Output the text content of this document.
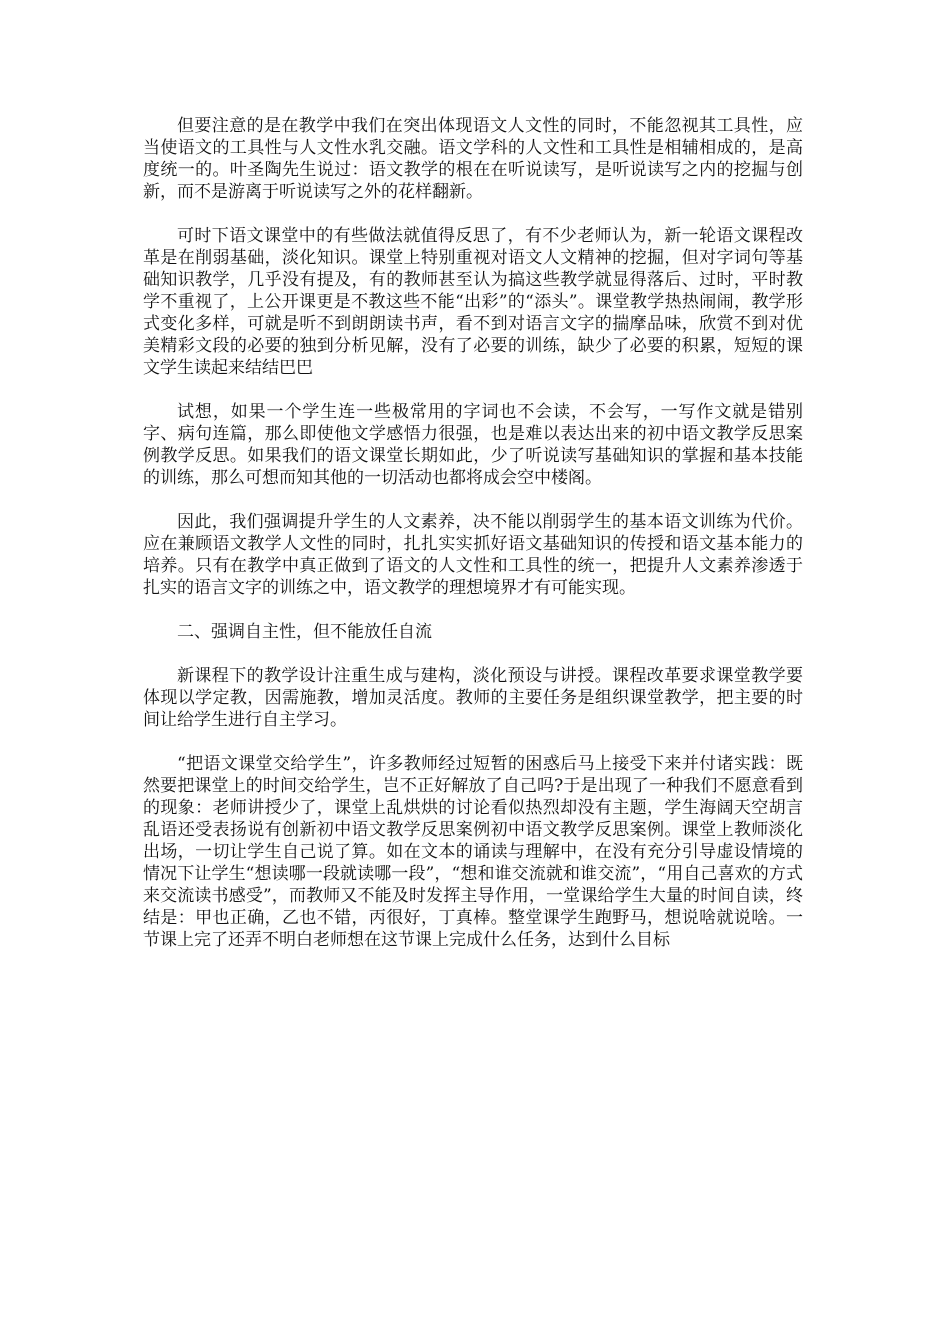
但要注意的是在教学中我们在突出体现语文人文性的同时，不能忽视其工具性，应当使语文的工具性与人文性水乳交融。语文学科的人文性和工具性是相辅相成的，是高度统一的。叶圣陶先生说过：语文教学的根在在听说读写，是听说读写之内的挖掘与创新，而不是游离于听说读写之外的花样翻新。

可时下语文课堂中的有些做法就值得反思了，有不少老师认为，新一轮语文课程改革是在削弱基础，淡化知识。课堂上特别重视对语文人文精神的挖掘，但对字词句等基础知识教学，几乎没有提及，有的教师甚至认为搞这些教学就显得落后、过时，平时教学不重视了，上公开课更是不教这些不能“出彩”的“添头”。课堂教学热热闹闹，教学形式变化多样，可就是听不到朗朗读书声，看不到对语言文字的揣摩品味，欣赏不到对优美精彩文段的必要的独到分析见解，没有了必要的训练，缺少了必要的积累，短短的课文学生读起来结结巴巴

试想，如果一个学生连一些极常用的字词也不会读，不会写，一写作文就是错别字、病句连篇，那么即使他文学感悟力很强，也是难以表达出来的初中语文教学反思案例教学反思。如果我们的语文课堂长期如此，少了听说读写基础知识的掌握和基本技能的训练，那么可想而知其他的一切活动也都将成会空中楼阁。

因此，我们强调提升学生的人文素养，决不能以削弱学生的基本语文训练为代价。应在兼顾语文教学人文性的同时，扎扎实实抓好语文基础知识的传授和语文基本能力的培养。只有在教学中真正做到了语文的人文性和工具性的统一，把提升人文素养渗透于扎实的语言文字的训练之中，语文教学的理想境界才有可能实现。

二、强调自主性，但不能放任自流

新课程下的教学设计注重生成与建构，淡化预设与讲授。课程改革要求课堂教学要体现以学定教，因需施教，增加灵活度。教师的主要任务是组织课堂教学，把主要的时间让给学生进行自主学习。

“把语文课堂交给学生”，许多教师经过短暂的困惑后马上接受下来并付诸实践：既然要把课堂上的时间交给学生，岂不正好解放了自己吗?于是出现了一种我们不愿意看到的现象：老师讲授少了，课堂上乱烘烘的讨论看似热烈却没有主题，学生海阔天空胡言乱语还受表扬说有创新初中语文教学反思案例初中语文教学反思案例。课堂上教师淡化出场，一切让学生自己说了算。如在文本的诵读与理解中，在没有充分引导虚设情境的情况下让学生“想读哪一段就读哪一段”，“想和谁交流就和谁交流”，“用自己喜欢的方式来交流读书感受”，而教师又不能及时发挥主导作用，一堂课给学生大量的时间自读，终结是：甲也正确，乙也不错，丙很好，丁真棒。整堂课学生跑野马，想说啥就说啥。一节课上完了还弄不明白老师想在这节课上完成什么任务，达到什么目标
